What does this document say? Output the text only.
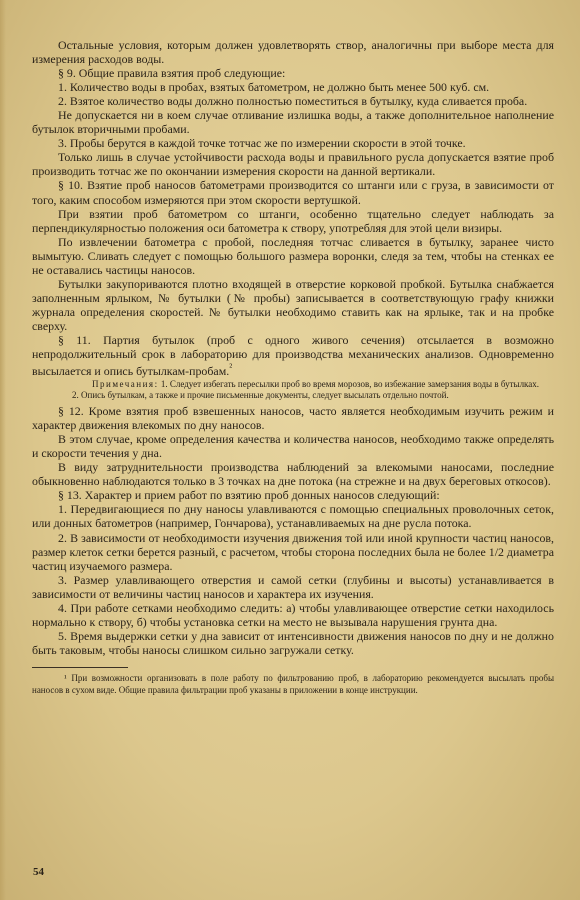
Остальные условия, которым должен удовлетворять створ, аналогичны при выборе места для измерения расходов воды.

§ 9. Общие правила взятия проб следующие:

1. Количество воды в пробах, взятых батометром, не должно быть менее 500 куб. см.

2. Взятое количество воды должно полностью поместиться в бутылку, куда сливается проба.

Не допускается ни в коем случае отливание излишка воды, а также дополнительное наполнение бутылок вторичными пробами.

3. Пробы берутся в каждой точке тотчас же по измерении скорости в этой точке.

Только лишь в случае устойчивости расхода воды и правильного русла допускается взятие проб производить тотчас же по окончании измерения скорости на данной вертикали.

§ 10. Взятие проб наносов батометрами производится со штанги или с груза, в зависимости от того, каким способом измеряются при этом скорости вертушкой.

При взятии проб батометром со штанги, особенно тщательно следует наблюдать за перпендикулярностью положения оси батометра к створу, употребляя для этой цели визиры.

По извлечении батометра с пробой, последняя тотчас сливается в бутылку, заранее чисто вымытую. Сливать следует с помощью большого размера воронки, следя за тем, чтобы на стенках ее не оставались частицы наносов.

Бутылки закупориваются плотно входящей в отверстие корковой пробкой. Бутылка снабжается заполненным ярлыком, № бутылки (№ пробы) записывается в соответствующую графу книжки журнала определения скоростей. № бутылки необходимо ставить как на ярлыке, так и на пробке сверху.

§ 11. Партия бутылок (проб с одного живого сечения) отсылается в возможно непродолжительный срок в лабораторию для производства механических анализов. Одновременно высылается и опись бутылкам-пробам.$^{^2}$

Примечания: 1. Следует избегать пересылки проб во время морозов, во избежание замерзания воды в бутылках.

2. Опись бутылкам, а также и прочие письменные документы, следует высылать отдельно почтой.

§ 12. Кроме взятия проб взвешенных наносов, часто является необходимым изучить режим и характер движения влекомых по дну наносов.

В этом случае, кроме определения качества и количества наносов, необходимо также определять и скорости течения у дна.

В виду затруднительности производства наблюдений за влекомыми наносами, последние обыкновенно наблюдаются только в 3 точках на дне потока (на стрежне и на двух береговых откосов).

§ 13. Характер и прием работ по взятию проб донных наносов следующий:

1. Передвигающиеся по дну наносы улавливаются с помощью специальных проволочных сеток, или донных батометров (например, Гончарова), устанавливаемых на дне русла потока.

2. В зависимости от необходимости изучения движения той или иной крупности частиц наносов, размер клеток сетки берется разный, с расчетом, чтобы сторона последних была не более 1/2 диаметра частиц изучаемого размера.

3. Размер улавливающего отверстия и самой сетки (глубины и высоты) устанавливается в зависимости от величины частиц наносов и характера их изучения.

4. При работе сетками необходимо следить: а) чтобы улавливающее отверстие сетки находилось нормально к створу, б) чтобы установка сетки на место не вызывала нарушения грунта дна.

5. Время выдержки сетки у дна зависит от интенсивности движения наносов по дну и не должно быть таковым, чтобы наносы слишком сильно загружали сетку.

¹ При возможности организовать в поле работу по фильтрованию проб, в лабораторию рекомендуется высылать пробы наносов в сухом виде. Общие правила фильтрации проб указаны в приложении в конце инструкции.

54
